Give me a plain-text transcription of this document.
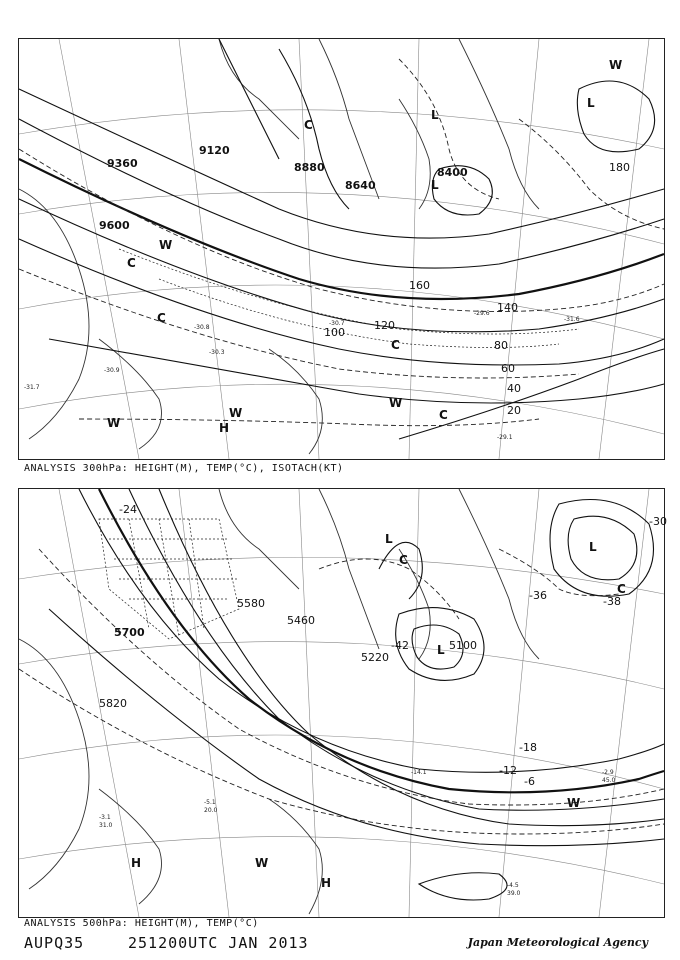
9360
9120
9600
8880
8640
8400
20
40
60
80
100
120
140
160
180
-30.8
-30.3
-30.9
-31.7
-29.1
-30.7
-29.6
-31.6
L
L
L
H
W
W
W
W
W
C
C
C
C
C
ANALYSIS 300hPa: HEIGHT(M), TEMP(°C), ISOTACH(KT)
5700
5580
5820
5460
5220
5100
-24
-42
-36
-30
-18
-12
-6
-38
-4.5
39.0
-2.9
45.0
-14.1
-5.1
20.0
-3.1
31.0
L
L
L
H
H
W
W
C
C
ANALYSIS 500hPa: HEIGHT(M), TEMP(°C)
AUPQ35	251200UTC JAN 2013	Japan Meteorological Agency
